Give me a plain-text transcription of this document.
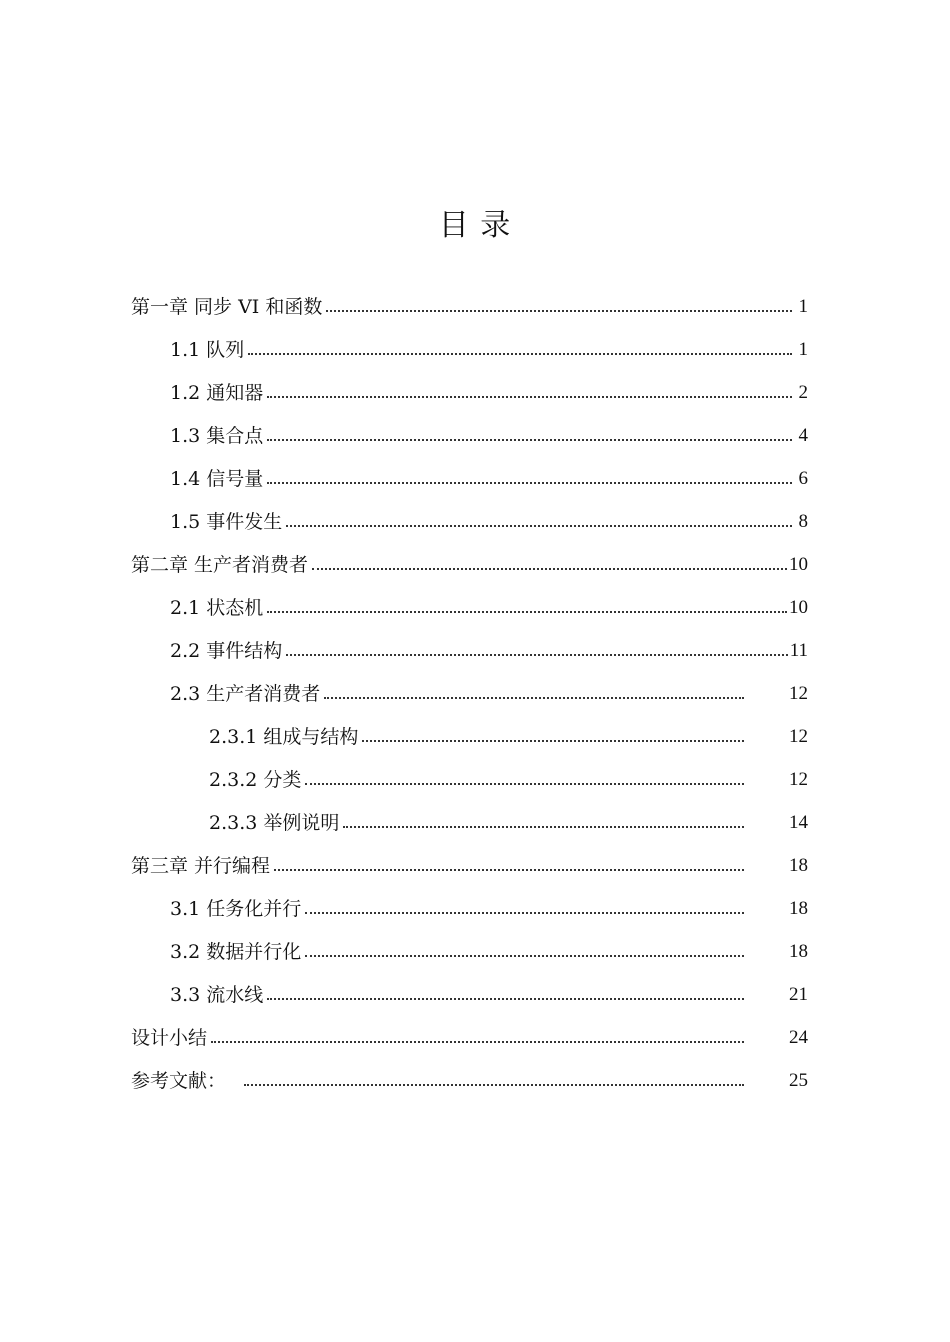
目 录
第一章 同步 VI 和函数	1
1.1 队列	1
1.2 通知器	2
1.3 集合点	4
1.4 信号量	6
1.5 事件发生	8
第二章 生产者消费者	10
2.1 状态机	10
2.2 事件结构	11
2.3 生产者消费者	12
2.3.1 组成与结构	12
2.3.2 分类	12
2.3.3 举例说明	14
第三章 并行编程	18
3.1 任务化并行	18
3.2 数据并行化	18
3.3 流水线	21
设计小结	24
参考文献：	25
